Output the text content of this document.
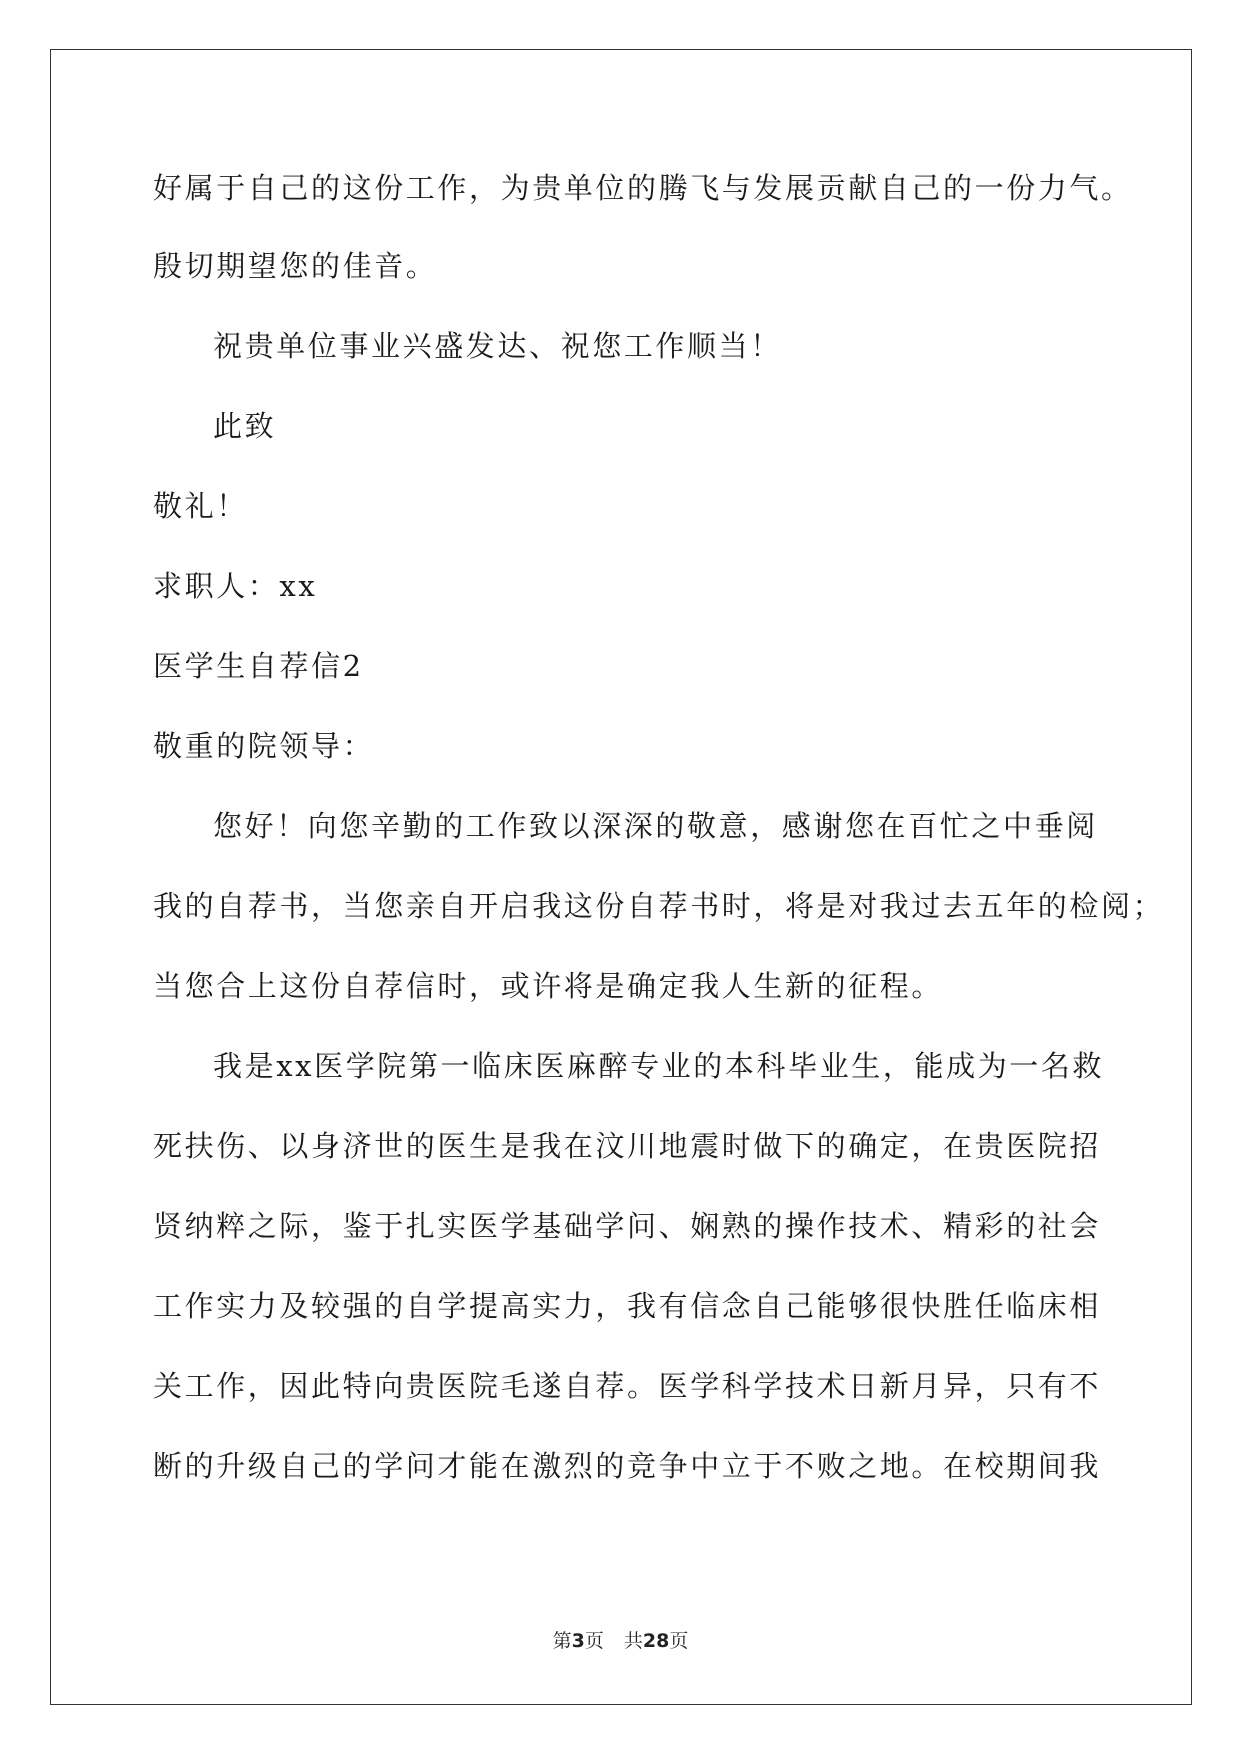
好属于自己的这份工作，为贵单位的腾飞与发展贡献自己的一份力气。
殷切期望您的佳音。
祝贵单位事业兴盛发达、祝您工作顺当！
此致
敬礼！
求职人：xx
医学生自荐信2
敬重的院领导：
您好！向您辛勤的工作致以深深的敬意，感谢您在百忙之中垂阅
我的自荐书，当您亲自开启我这份自荐书时，将是对我过去五年的检阅；
当您合上这份自荐信时，或许将是确定我人生新的征程。
我是xx医学院第一临床医麻醉专业的本科毕业生，能成为一名救
死扶伤、以身济世的医生是我在汶川地震时做下的确定，在贵医院招
贤纳粹之际，鉴于扎实医学基础学问、娴熟的操作技术、精彩的社会
工作实力及较强的自学提高实力，我有信念自己能够很快胜任临床相
关工作，因此特向贵医院毛遂自荐。医学科学技术日新月异，只有不
断的升级自己的学问才能在激烈的竞争中立于不败之地。在校期间我
第3页 共28页
